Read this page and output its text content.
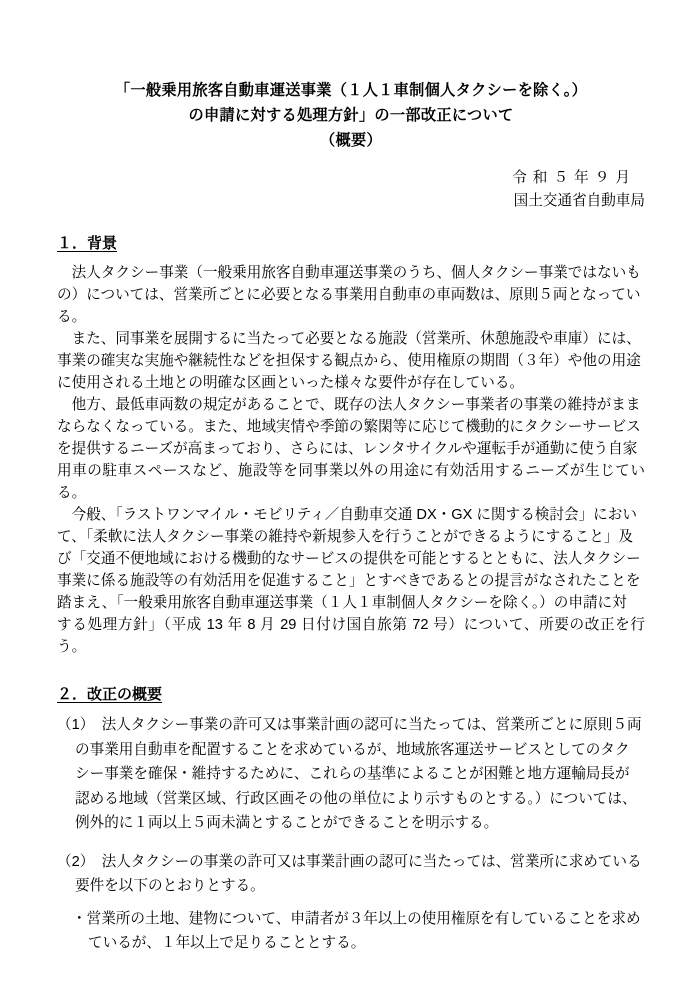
「一般乗用旅客自動車運送事業（１人１車制個人タクシーを除く。）
の申請に対する処理方針」の一部改正について
（概要）
令 和 ５ 年 ９ 月
国土交通省自動車局
１．背景
　法人タクシー事業（一般乗用旅客自動車運送事業のうち、個人タクシー事業ではないも
の）については、営業所ごとに必要となる事業用自動車の車両数は、原則５両となってい
る。
　また、同事業を展開するに当たって必要となる施設（営業所、休憩施設や車庫）には、
事業の確実な実施や継続性などを担保する観点から、使用権原の期間（３年）や他の用途
に使用される土地との明確な区画といった様々な要件が存在している。
　他方、最低車両数の規定があることで、既存の法人タクシー事業者の事業の維持がまま
ならなくなっている。また、地域実情や季節の繁閑等に応じて機動的にタクシーサービス
を提供するニーズが高まっており、さらには、レンタサイクルや運転手が通勤に使う自家
用車の駐車スペースなど、施設等を同事業以外の用途に有効活用するニーズが生じている。
　今般、「ラストワンマイル・モビリティ／自動車交通 DX・GX に関する検討会」におい
て、「柔軟に法人タクシー事業の維持や新規参入を行うことができるようにすること」及
び「交通不便地域における機動的なサービスの提供を可能とするとともに、法人タクシー
事業に係る施設等の有効活用を促進すること」とすべきであるとの提言がなされたことを
踏まえ、「一般乗用旅客自動車運送事業（１人１車制個人タクシーを除く。）の申請に対
する処理方針」（平成 13 年 8 月 29 日付け国自旅第 72 号）について、所要の改正を行う。
２．改正の概要
（1）　法人タクシー事業の許可又は事業計画の認可に当たっては、営業所ごとに原則５両
の事業用自動車を配置することを求めているが、地域旅客運送サービスとしてのタク
シー事業を確保・維持するために、これらの基準によることが困難と地方運輸局長が
認める地域（営業区域、行政区画その他の単位により示すものとする。）については、
例外的に１両以上５両未満とすることができることを明示する。
（2）　法人タクシーの事業の許可又は事業計画の認可に当たっては、営業所に求めている
要件を以下のとおりとする。
・営業所の土地、建物について、申請者が３年以上の使用権原を有していることを求め
ているが、１年以上で足りることとする。
